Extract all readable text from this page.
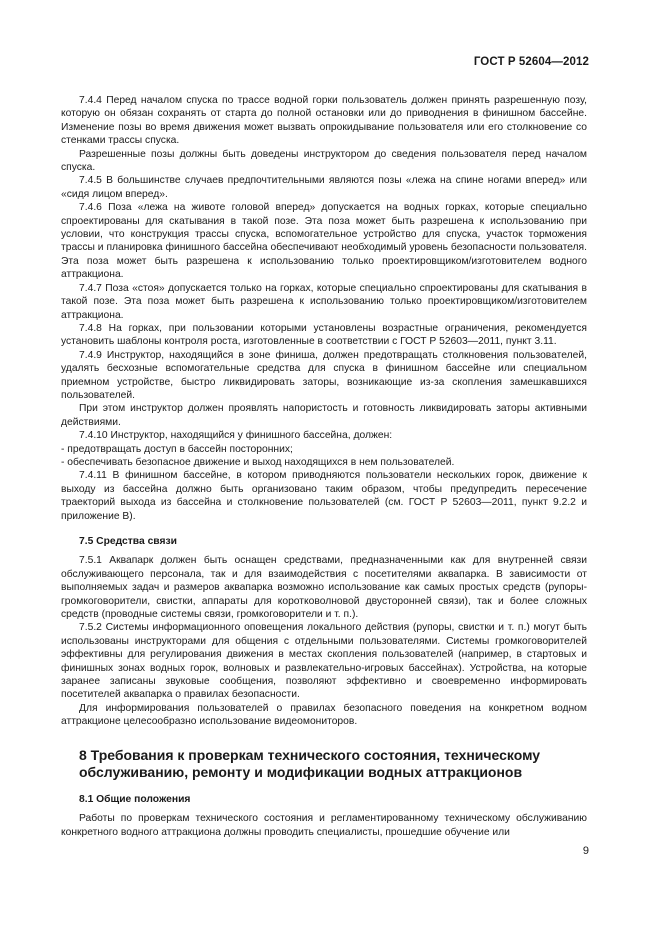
ГОСТ Р 52604—2012

7.4.4 Перед началом спуска по трассе водной горки пользователь должен принять разрешенную позу, которую он обязан сохранять от старта до полной остановки или до приводнения в финишном бассейне. Изменение позы во время движения может вызвать опрокидывание пользователя или его столкновение со стенками трассы спуска.

Разрешенные позы должны быть доведены инструктором до сведения пользователя перед началом спуска.

7.4.5 В большинстве случаев предпочтительными являются позы «лежа на спине ногами вперед» или «сидя лицом вперед».

7.4.6 Поза «лежа на животе головой вперед» допускается на водных горках, которые специально спроектированы для скатывания в такой позе. Эта поза может быть разрешена к использованию при условии, что конструкция трассы спуска, вспомогательное устройство для спуска, участок торможения трассы и планировка финишного бассейна обеспечивают необходимый уровень безопасности пользователя. Эта поза может быть разрешена к использованию только проектировщиком/изготовителем водного аттракциона.

7.4.7 Поза «стоя» допускается только на горках, которые специально спроектированы для скатывания в такой позе. Эта поза может быть разрешена к использованию только проектировщиком/изготовителем аттракциона.

7.4.8 На горках, при пользовании которыми установлены возрастные ограничения, рекомендуется установить шаблоны контроля роста, изготовленные в соответствии с ГОСТ Р 52603—2011, пункт 3.11.

7.4.9 Инструктор, находящийся в зоне финиша, должен предотвращать столкновения пользователей, удалять бесхозные вспомогательные средства для спуска в финишном бассейне или специальном приемном устройстве, быстро ликвидировать заторы, возникающие из-за скопления замешкавшихся пользователей.

При этом инструктор должен проявлять напористость и готовность ликвидировать заторы активными действиями.

7.4.10 Инструктор, находящийся у финишного бассейна, должен:

- предотвращать доступ в бассейн посторонних;

- обеспечивать безопасное движение и выход находящихся в нем пользователей.

7.4.11 В финишном бассейне, в котором приводняются пользователи нескольких горок, движение к выходу из бассейна должно быть организовано таким образом, чтобы предупредить пересечение траекторий выхода из бассейна и столкновение пользователей (см. ГОСТ Р 52603—2011, пункт 9.2.2 и приложение В).

7.5 Средства связи

7.5.1 Аквапарк должен быть оснащен средствами, предназначенными как для внутренней связи обслуживающего персонала, так и для взаимодействия с посетителями аквапарка. В зависимости от выполняемых задач и размеров аквапарка возможно использование как самых простых средств (рупоры-громкоговорители, свистки, аппараты для коротковолновой двусторонней связи), так и более сложных средств (проводные системы связи, громкоговорители и т. п.).

7.5.2 Системы информационного оповещения локального действия (рупоры, свистки и т. п.) могут быть использованы инструкторами для общения с отдельными пользователями. Системы громкоговорителей эффективны для регулирования движения в местах скопления пользователей (например, в стартовых и финишных зонах водных горок, волновых и развлекательно-игровых бассейнах). Устройства, на которые заранее записаны звуковые сообщения, позволяют эффективно и своевременно информировать посетителей аквапарка о правилах безопасности.

Для информирования пользователей о правилах безопасного поведения на конкретном водном аттракционе целесообразно использование видеомониторов.

8 Требования к проверкам технического состояния, техническому обслуживанию, ремонту и модификации водных аттракционов
8.1 Общие положения

Работы по проверкам технического состояния и регламентированному техническому обслуживанию конкретного водного аттракциона должны проводить специалисты, прошедшие обучение или

9
